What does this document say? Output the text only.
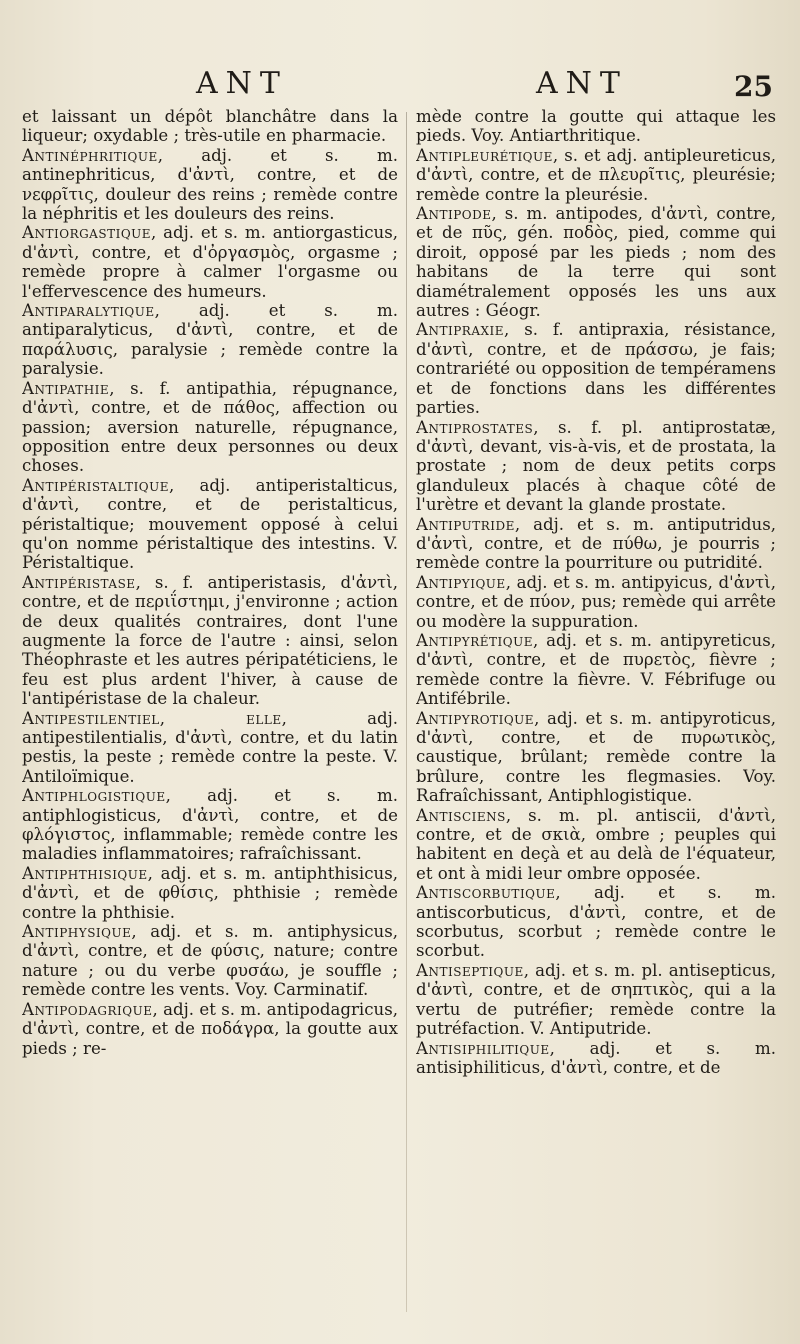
ANT	ANT	25

et laissant un dépôt blanchâtre dans la liqueur; oxydable ; très-utile en pharmacie.

Antinéphritique, adj. et s. m. antinephriticus, d'ἀντὶ, contre, et de νεφρῖτις, douleur des reins ; remède contre la néphritis et les douleurs des reins.

Antiorgastique, adj. et s. m. antiorgasticus, d'ἀντὶ, contre, et d'ὀργασμὸς, orgasme ; remède propre à calmer l'orgasme ou l'effervescence des humeurs.

Antiparalytique, adj. et s. m. antiparalyticus, d'ἀντὶ, contre, et de παράλυσις, paralysie ; remède contre la paralysie.

Antipathie, s. f. antipathia, répugnance, d'ἀντὶ, contre, et de πάθος, affection ou passion; aversion naturelle, répugnance, opposition entre deux personnes ou deux choses.

Antipéristaltique, adj. antiperistalticus, d'ἀντὶ, contre, et de peristalticus, péristaltique; mouvement opposé à celui qu'on nomme péristaltique des intestins. V. Péristaltique.

Antipéristase, s. f. antiperistasis, d'ἀντὶ, contre, et de περιΐστημι, j'environne ; action de deux qualités contraires, dont l'une augmente la force de l'autre : ainsi, selon Théophraste et les autres péripatéticiens, le feu est plus ardent l'hiver, à cause de l'antipéristase de la chaleur.

Antipestilentiel, elle, adj. antipestilentialis, d'ἀντὶ, contre, et du latin pestis, la peste ; remède contre la peste. V. Antiloïmique.

Antiphlogistique, adj. et s. m. antiphlogisticus, d'ἀντὶ, contre, et de φλόγιστος, inflammable; remède contre les maladies inflammatoires; rafraîchissant.

Antiphthisique, adj. et s. m. antiphthisicus, d'ἀντὶ, et de φθίσις, phthisie ; remède contre la phthisie.

Antiphysique, adj. et s. m. antiphysicus, d'ἀντὶ, contre, et de φύσις, nature; contre nature ; ou du verbe φυσάω, je souffle ; remède contre les vents. Voy. Carminatif.

Antipodagrique, adj. et s. m. antipodagricus, d'ἀντὶ, contre, et de ποδάγρα, la goutte aux pieds ; re-

mède contre la goutte qui attaque les pieds. Voy. Antiarthritique.

Antipleurétique, s. et adj. antipleureticus, d'ἀντὶ, contre, et de πλευρῖτις, pleurésie; remède contre la pleurésie.

Antipode, s. m. antipodes, d'ἀντὶ, contre, et de πῦς, gén. ποδὸς, pied, comme qui diroit, opposé par les pieds ; nom des habitans de la terre qui sont diamétralement opposés les uns aux autres : Géogr.

Antipraxie, s. f. antipraxia, résistance, d'ἀντὶ, contre, et de πράσσω, je fais; contrariété ou opposition de tempéramens et de fonctions dans les différentes parties.

Antiprostates, s. f. pl. antiprostatæ, d'ἀντὶ, devant, vis-à-vis, et de prostata, la prostate ; nom de deux petits corps glanduleux placés à chaque côté de l'urètre et devant la glande prostate.

Antiputride, adj. et s. m. antiputridus, d'ἀντὶ, contre, et de πύθω, je pourris ; remède contre la pourriture ou putridité.

Antipyique, adj. et s. m. antipyicus, d'ἀντὶ, contre, et de πύον, pus; remède qui arrête ou modère la suppuration.

Antipyrétique, adj. et s. m. antipyreticus, d'ἀντὶ, contre, et de πυρετὸς, fièvre ; remède contre la fièvre. V. Fébrifuge ou Antifébrile.

Antipyrotique, adj. et s. m. antipyroticus, d'ἀντὶ, contre, et de πυρωτικὸς, caustique, brûlant; remède contre la brûlure, contre les flegmasies. Voy. Rafraîchissant, Antiphlogistique.

Antisciens, s. m. pl. antiscii, d'ἀντὶ, contre, et de σκιὰ, ombre ; peuples qui habitent en deçà et au delà de l'équateur, et ont à midi leur ombre opposée.

Antiscorbutique, adj. et s. m. antiscorbuticus, d'ἀντὶ, contre, et de scorbutus, scorbut ; remède contre le scorbut.

Antiseptique, adj. et s. m. pl. antisepticus, d'ἀντὶ, contre, et de σηπτικὸς, qui a la vertu de putréfier; remède contre la putréfaction. V. Antiputride.

Antisiphilitique, adj. et s. m. antisiphiliticus, d'ἀντὶ, contre, et de
